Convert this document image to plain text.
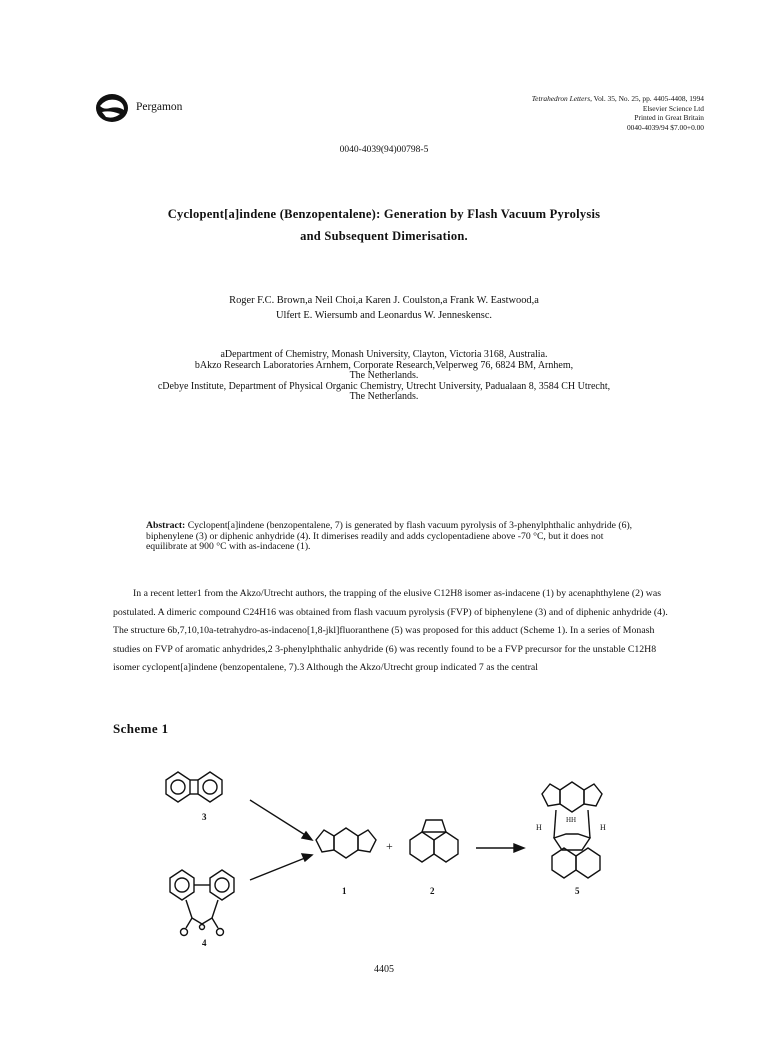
Pergamon
Tetrahedron Letters, Vol. 35, No. 25, pp. 4405-4408, 1994
Elsevier Science Ltd
Printed in Great Britain
0040-4039/94 $7.00+0.00
0040-4039(94)00798-5
Cyclopent[a]indene (Benzopentalene): Generation by Flash Vacuum Pyrolysis
and Subsequent Dimerisation.
Roger F.C. Brown,a Neil Choi,a Karen J. Coulston,a Frank W. Eastwood,a
Ulfert E. Wiersumb and Leonardus W. Jenneskensc.
aDepartment of Chemistry, Monash University, Clayton, Victoria 3168, Australia.
bAkzo Research Laboratories Arnhem, Corporate Research,Velperweg 76, 6824 BM, Arnhem,
The Netherlands.
cDebye Institute, Department of Physical Organic Chemistry, Utrecht University, Padualaan 8, 3584 CH Utrecht,
The Netherlands.
Abstract: Cyclopent[a]indene (benzopentalene, 7) is generated by flash vacuum pyrolysis of 3-phenylphthalic anhydride (6), biphenylene (3) or diphenic anhydride (4). It dimerises readily and adds cyclopentadiene above -70 °C, but it does not equilibrate at 900 °C with as-indacene (1).
In a recent letter1 from the Akzo/Utrecht authors, the trapping of the elusive C12H8 isomer as-indacene (1) by acenaphthylene (2) was postulated. A dimeric compound C24H16 was obtained from flash vacuum pyrolysis (FVP) of biphenylene (3) and of diphenic anhydride (4). The structure 6b,7,10,10a-tetrahydro-as-indaceno[1,8-jkl]fluoranthene (5) was proposed for this adduct (Scheme 1). In a series of Monash studies on FVP of aromatic anhydrides,2 3-phenylphthalic anhydride (6) was recently found to be a FVP precursor for the unstable C12H8 isomer cyclopent[a]indene (benzopentalene, 7).3 Although the Akzo/Utrecht group indicated 7 as the central
Scheme 1
3
4
1
+
2
HH
H	H
5
4405
